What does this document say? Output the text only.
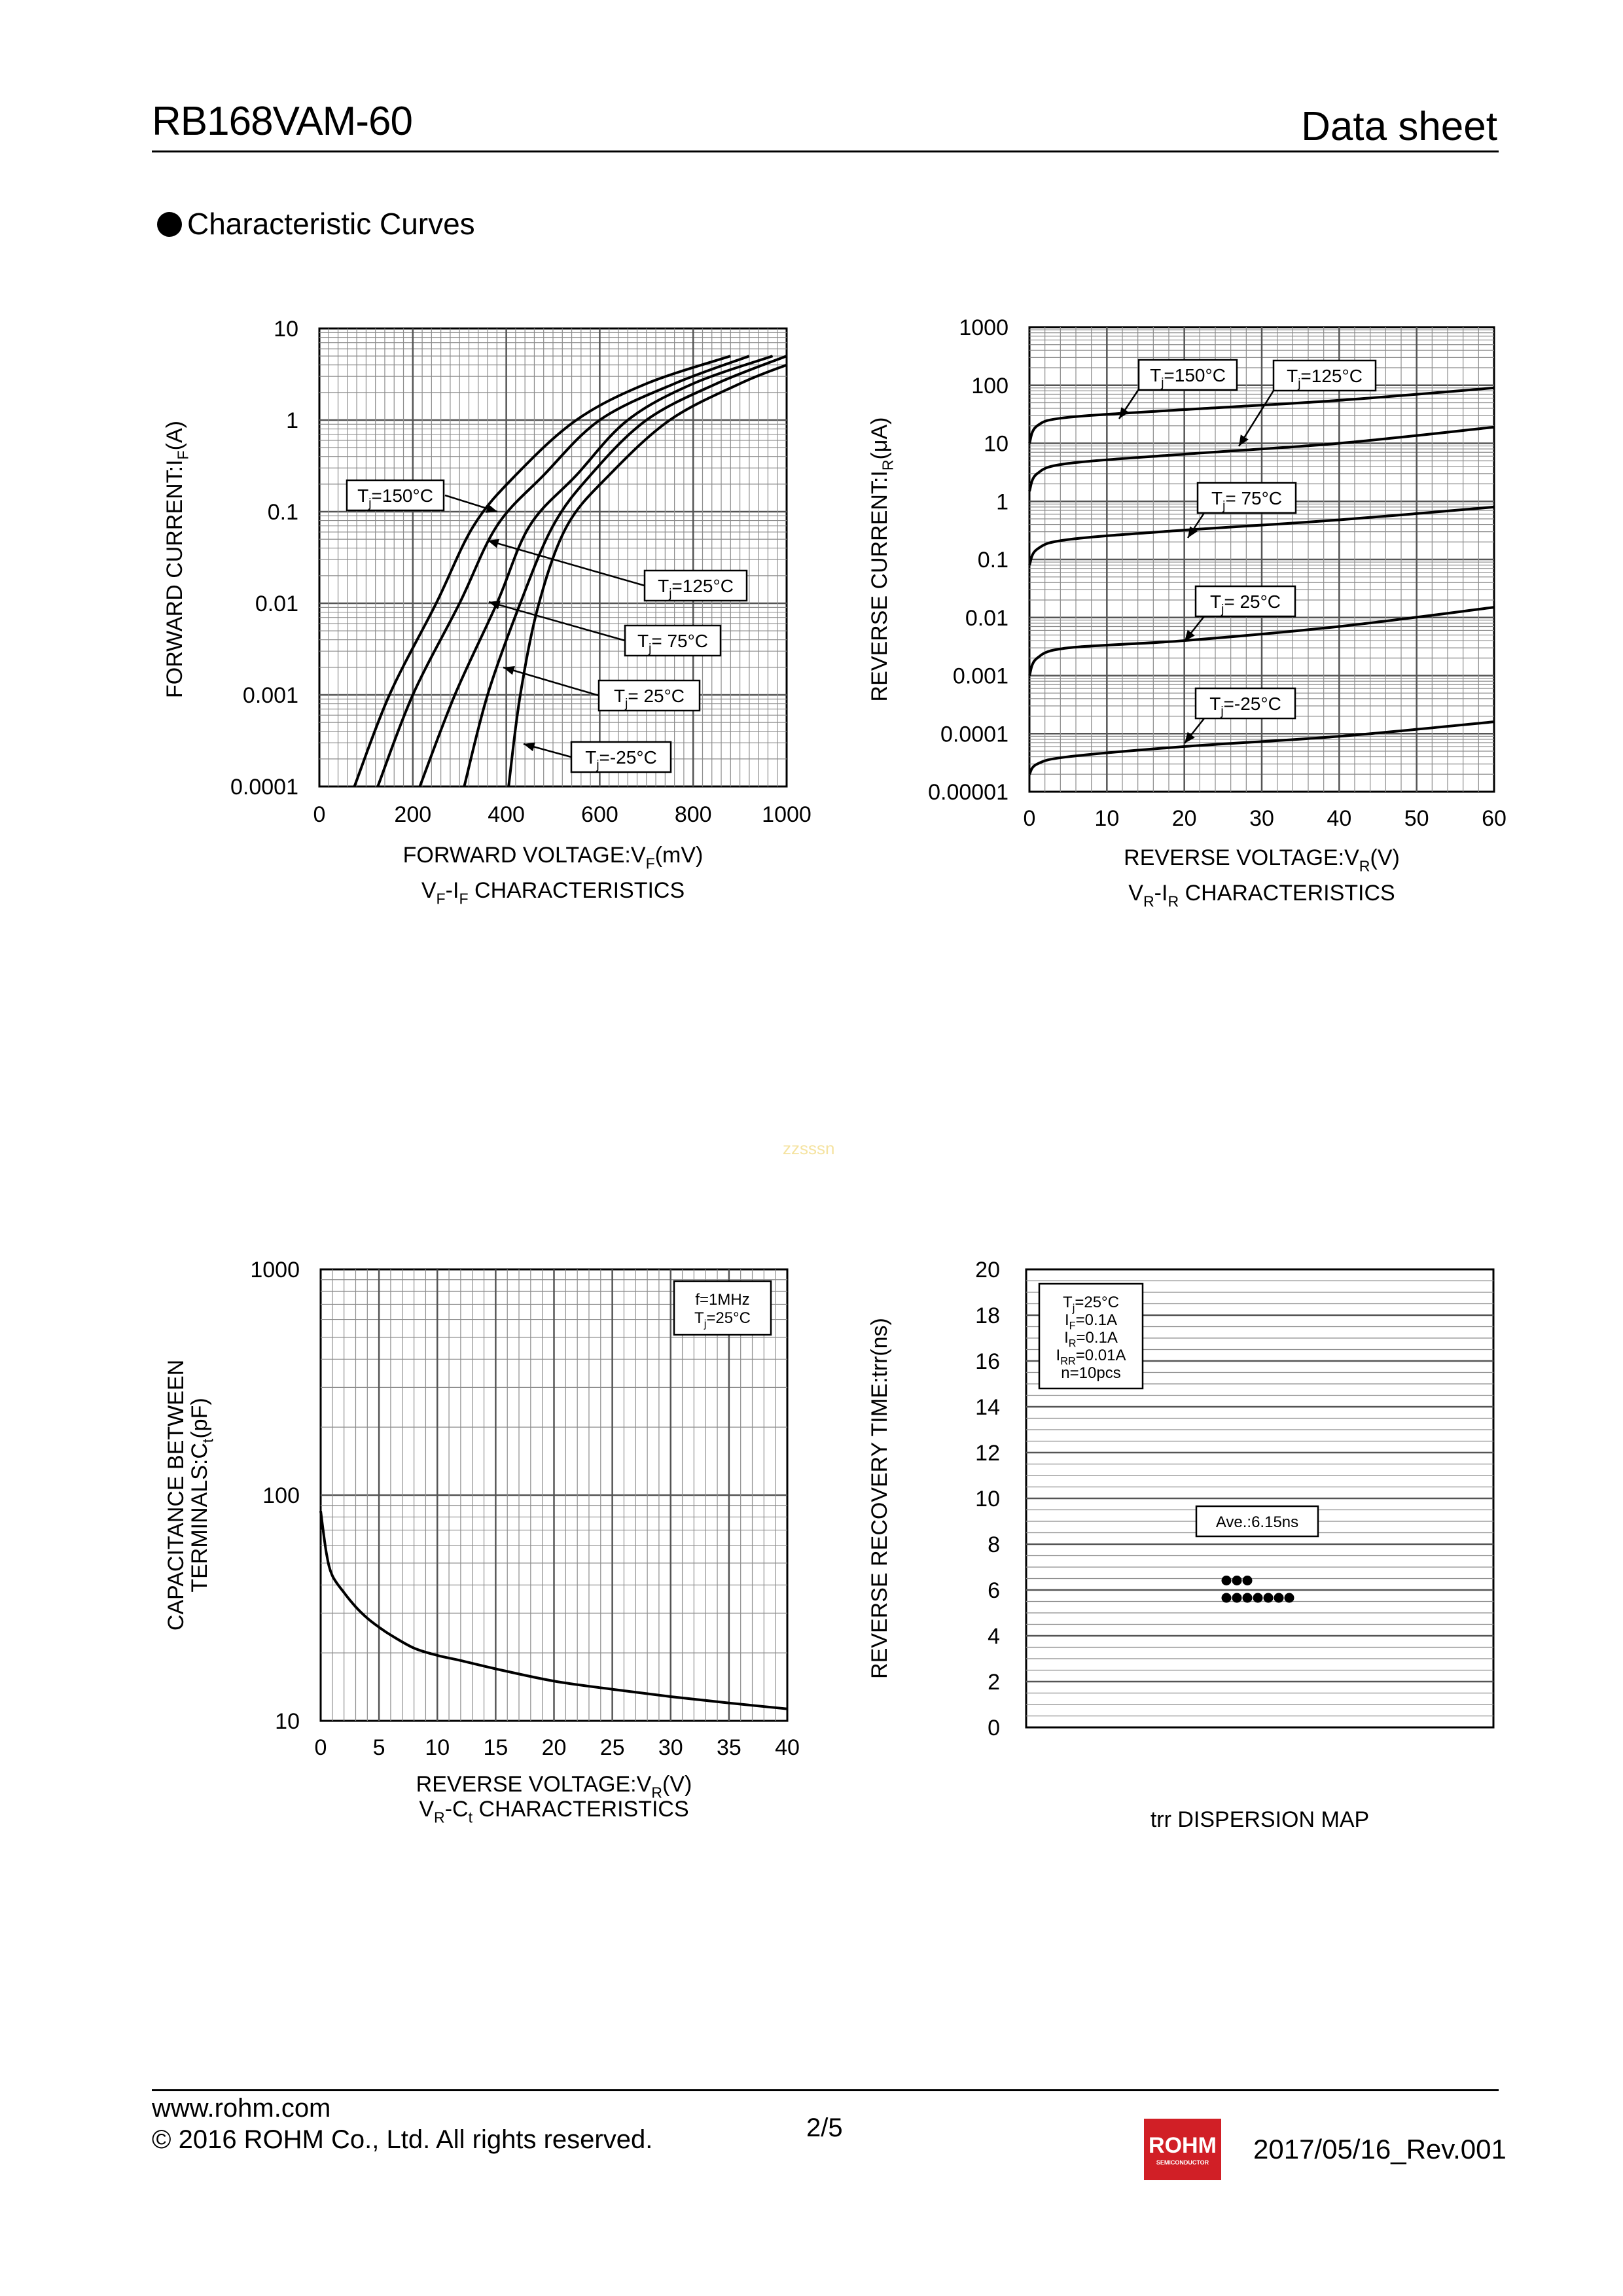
RB168VAM-60	Data sheet
Characteristic Curves
0	200	400	600	800 1000
10
1
0.1
0.01
0.001
0.0001
FORWARD $VOLTAGE:V_F(mV)$
$V_F-I_F$ CHARACTERISTICS
FORWARD $CURRENT:I_F(A)$
$T_j=150^\circ C$
$T_j=125^\circ C$
$T_j= 75^\circ C$
$T_j= 25^\circ C$
$T_j=-25^\circ C$
0	10 20 30 40 50 60
1000
100
10
1
0.1
0.01
0.001
0.0001
0.00001
REVERSE $VOLTAGE:V_R(V)$
$V_R-I_R$ CHARACTERISTICS
REVERSE $CURRENT:I_R(\mu A)$
$T_j=150^\circ C$	$T_j=125^\circ C$
$T_j= 75^\circ C$
$T_j= 25^\circ C$
$T_j=-25^\circ C$
0 5 10 15 20 25 30 35 40
1000
100
10
f=1MHz
$T_j=25^\circ C$
REVERSE $VOLTAGE:V_R(V)$
$V_R-C_t$ CHARACTERISTICS
CAPACITANCE BETWEEN
$TERMINALS:C_t(pF)$
20
18
16
14
12
10
8
6
4
2
0
REVERSE RECOVERY TIME:trr(ns)
trr DISPERSION MAP
$T_j=25^\circ C$
$I_F=0.1A$
$I_R=0.1A$
$I_{RR}=0.01A$
n=10pcs
Ave.:6.15ns
zzsssn
www.rohm.com
© 2016 ROHM Co., Ltd. All rights reserved.	2/5
ROHM
SEMICONDUCTOR 2017/05/16_Rev.001
